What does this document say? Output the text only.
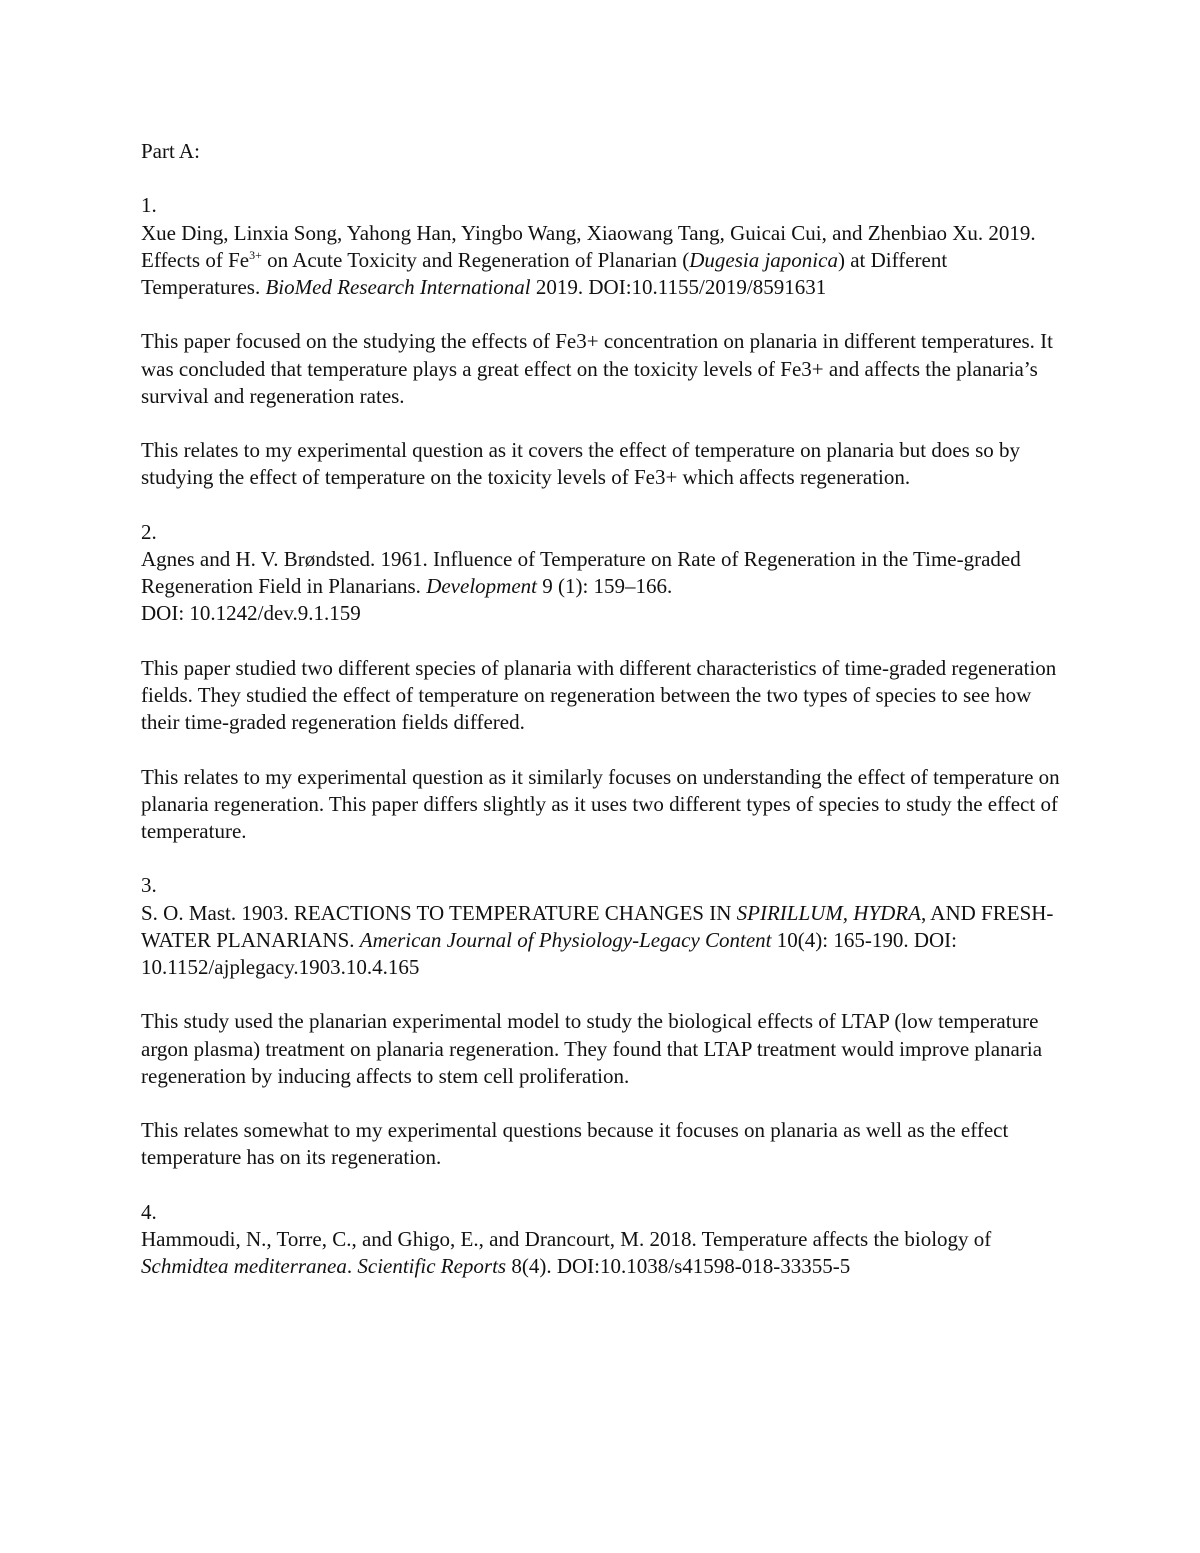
Part A:

1.

Xue Ding, Linxia Song, Yahong Han, Yingbo Wang, Xiaowang Tang, Guicai Cui, and Zhenbiao Xu. 2019. Effects of $Fe^{3+}$ on Acute Toxicity and Regeneration of Planarian (Dugesia japonica) at Different Temperatures. BioMed Research International 2019. DOI:10.1155/2019/8591631

This paper focused on the studying the effects of Fe3+ concentration on planaria in different temperatures. It was concluded that temperature plays a great effect on the toxicity levels of Fe3+ and affects the planaria’s survival and regeneration rates.

This relates to my experimental question as it covers the effect of temperature on planaria but does so by studying the effect of temperature on the toxicity levels of Fe3+ which affects regeneration.

2.

Agnes and H. V. Brøndsted. 1961. Influence of Temperature on Rate of Regeneration in the Time-graded Regeneration Field in Planarians. Development 9 (1): 159–166.

DOI: 10.1242/dev.9.1.159

This paper studied two different species of planaria with different characteristics of time-graded regeneration fields. They studied the effect of temperature on regeneration between the two types of species to see how their time-graded regeneration fields differed.

This relates to my experimental question as it similarly focuses on understanding the effect of temperature on planaria regeneration. This paper differs slightly as it uses two different types of species to study the effect of temperature.

3.

S. O. Mast. 1903. REACTIONS TO TEMPERATURE CHANGES IN SPIRILLUM, HYDRA, AND FRESH-WATER PLANARIANS. American Journal of Physiology-Legacy Content 10(4): 165-190. DOI: 10.1152/ajplegacy.1903.10.4.165

This study used the planarian experimental model to study the biological effects of LTAP (low temperature argon plasma) treatment on planaria regeneration. They found that LTAP treatment would improve planaria regeneration by inducing affects to stem cell proliferation.

This relates somewhat to my experimental questions because it focuses on planaria as well as the effect temperature has on its regeneration.

4.

Hammoudi, N., Torre, C., and Ghigo, E., and Drancourt, M. 2018. Temperature affects the biology of Schmidtea mediterranea. Scientific Reports 8(4). DOI:10.1038/s41598-018-33355-5
